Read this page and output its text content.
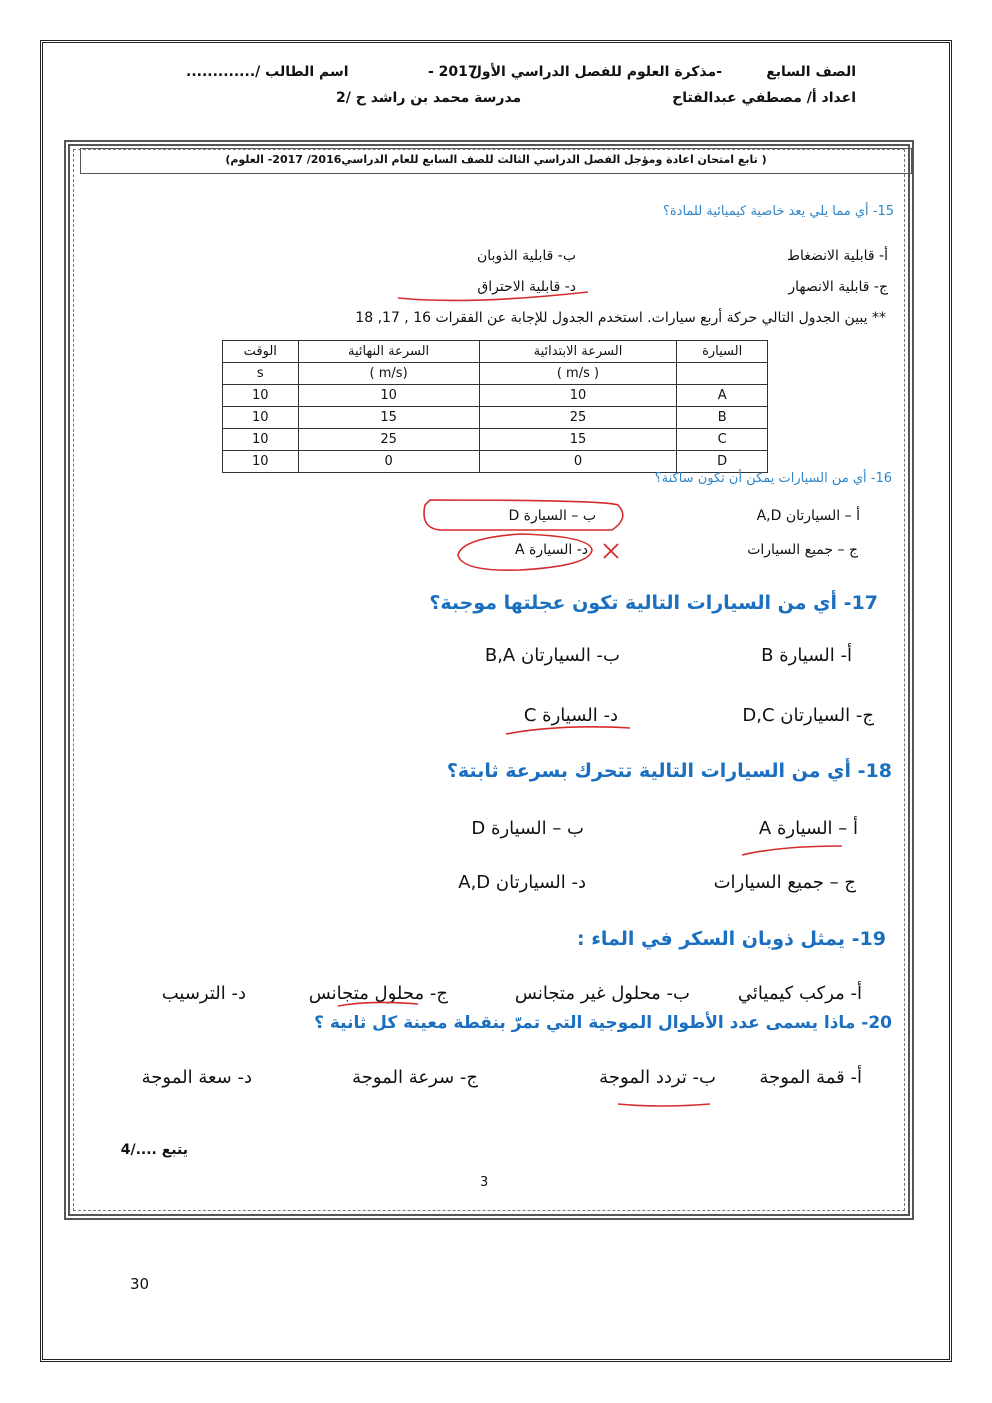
الصف السابع
-مذكرة العلوم للفصل الدراسي الأول
- 2017
اسم الطالب /.............
اعداد أ/ مصطفي عبدالفتاح
مدرسة محمد بن راشد ح /2
( تابع امتحان اعادة ومؤجل الفصل الدراسي الثالث للصف السابع للعام الدراسي2016/ 2017- العلوم)
15- أي مما يلي يعد خاصية كيميائية للمادة؟
أ- قابلية الانضغاط
ب- قابلية الذوبان
ج- قابلية الانصهار
د- قابلية الاحتراق
** يبين الجدول التالي حركة أربع سيارات. استخدم الجدول للإجابة عن الفقرات 16 , 17, 18
السيارة	السرعة الابتدائية	السرعة النهائية	الوقت
	( m/s )	(m/s )	s
A	10	10	10
B	25	15	10
C	15	25	10
D	0	0	10
16- أي من السيارات يمكن أن تكون ساكنة؟
أ – السيارتان A,D
ب – السيارة D
ج – جميع السيارات
د- السيارة A
17- أي من السيارات التالية تكون عجلتها موجبة؟
أ- السيارة B
ب- السيارتان B,A
ج- السيارتان D,C
د- السيارة C
18- أي من السيارات التالية تتحرك بسرعة ثابتة؟
أ – السيارة A
ب – السيارة D
ج – جميع السيارات
د- السيارتان A,D
19- يمثل ذوبان السكر في الماء :
أ- مركب كيميائي
ب- محلول غير متجانس
ج- محلول متجانس
د- الترسيب
20- ماذا يسمى عدد الأطوال الموجية التي تمرّ بنقطة معينة كل ثانية ؟
أ- قمة الموجة
ب- تردد الموجة
ج- سرعة الموجة
د- سعة الموجة
يتبع ..../4
3
30
